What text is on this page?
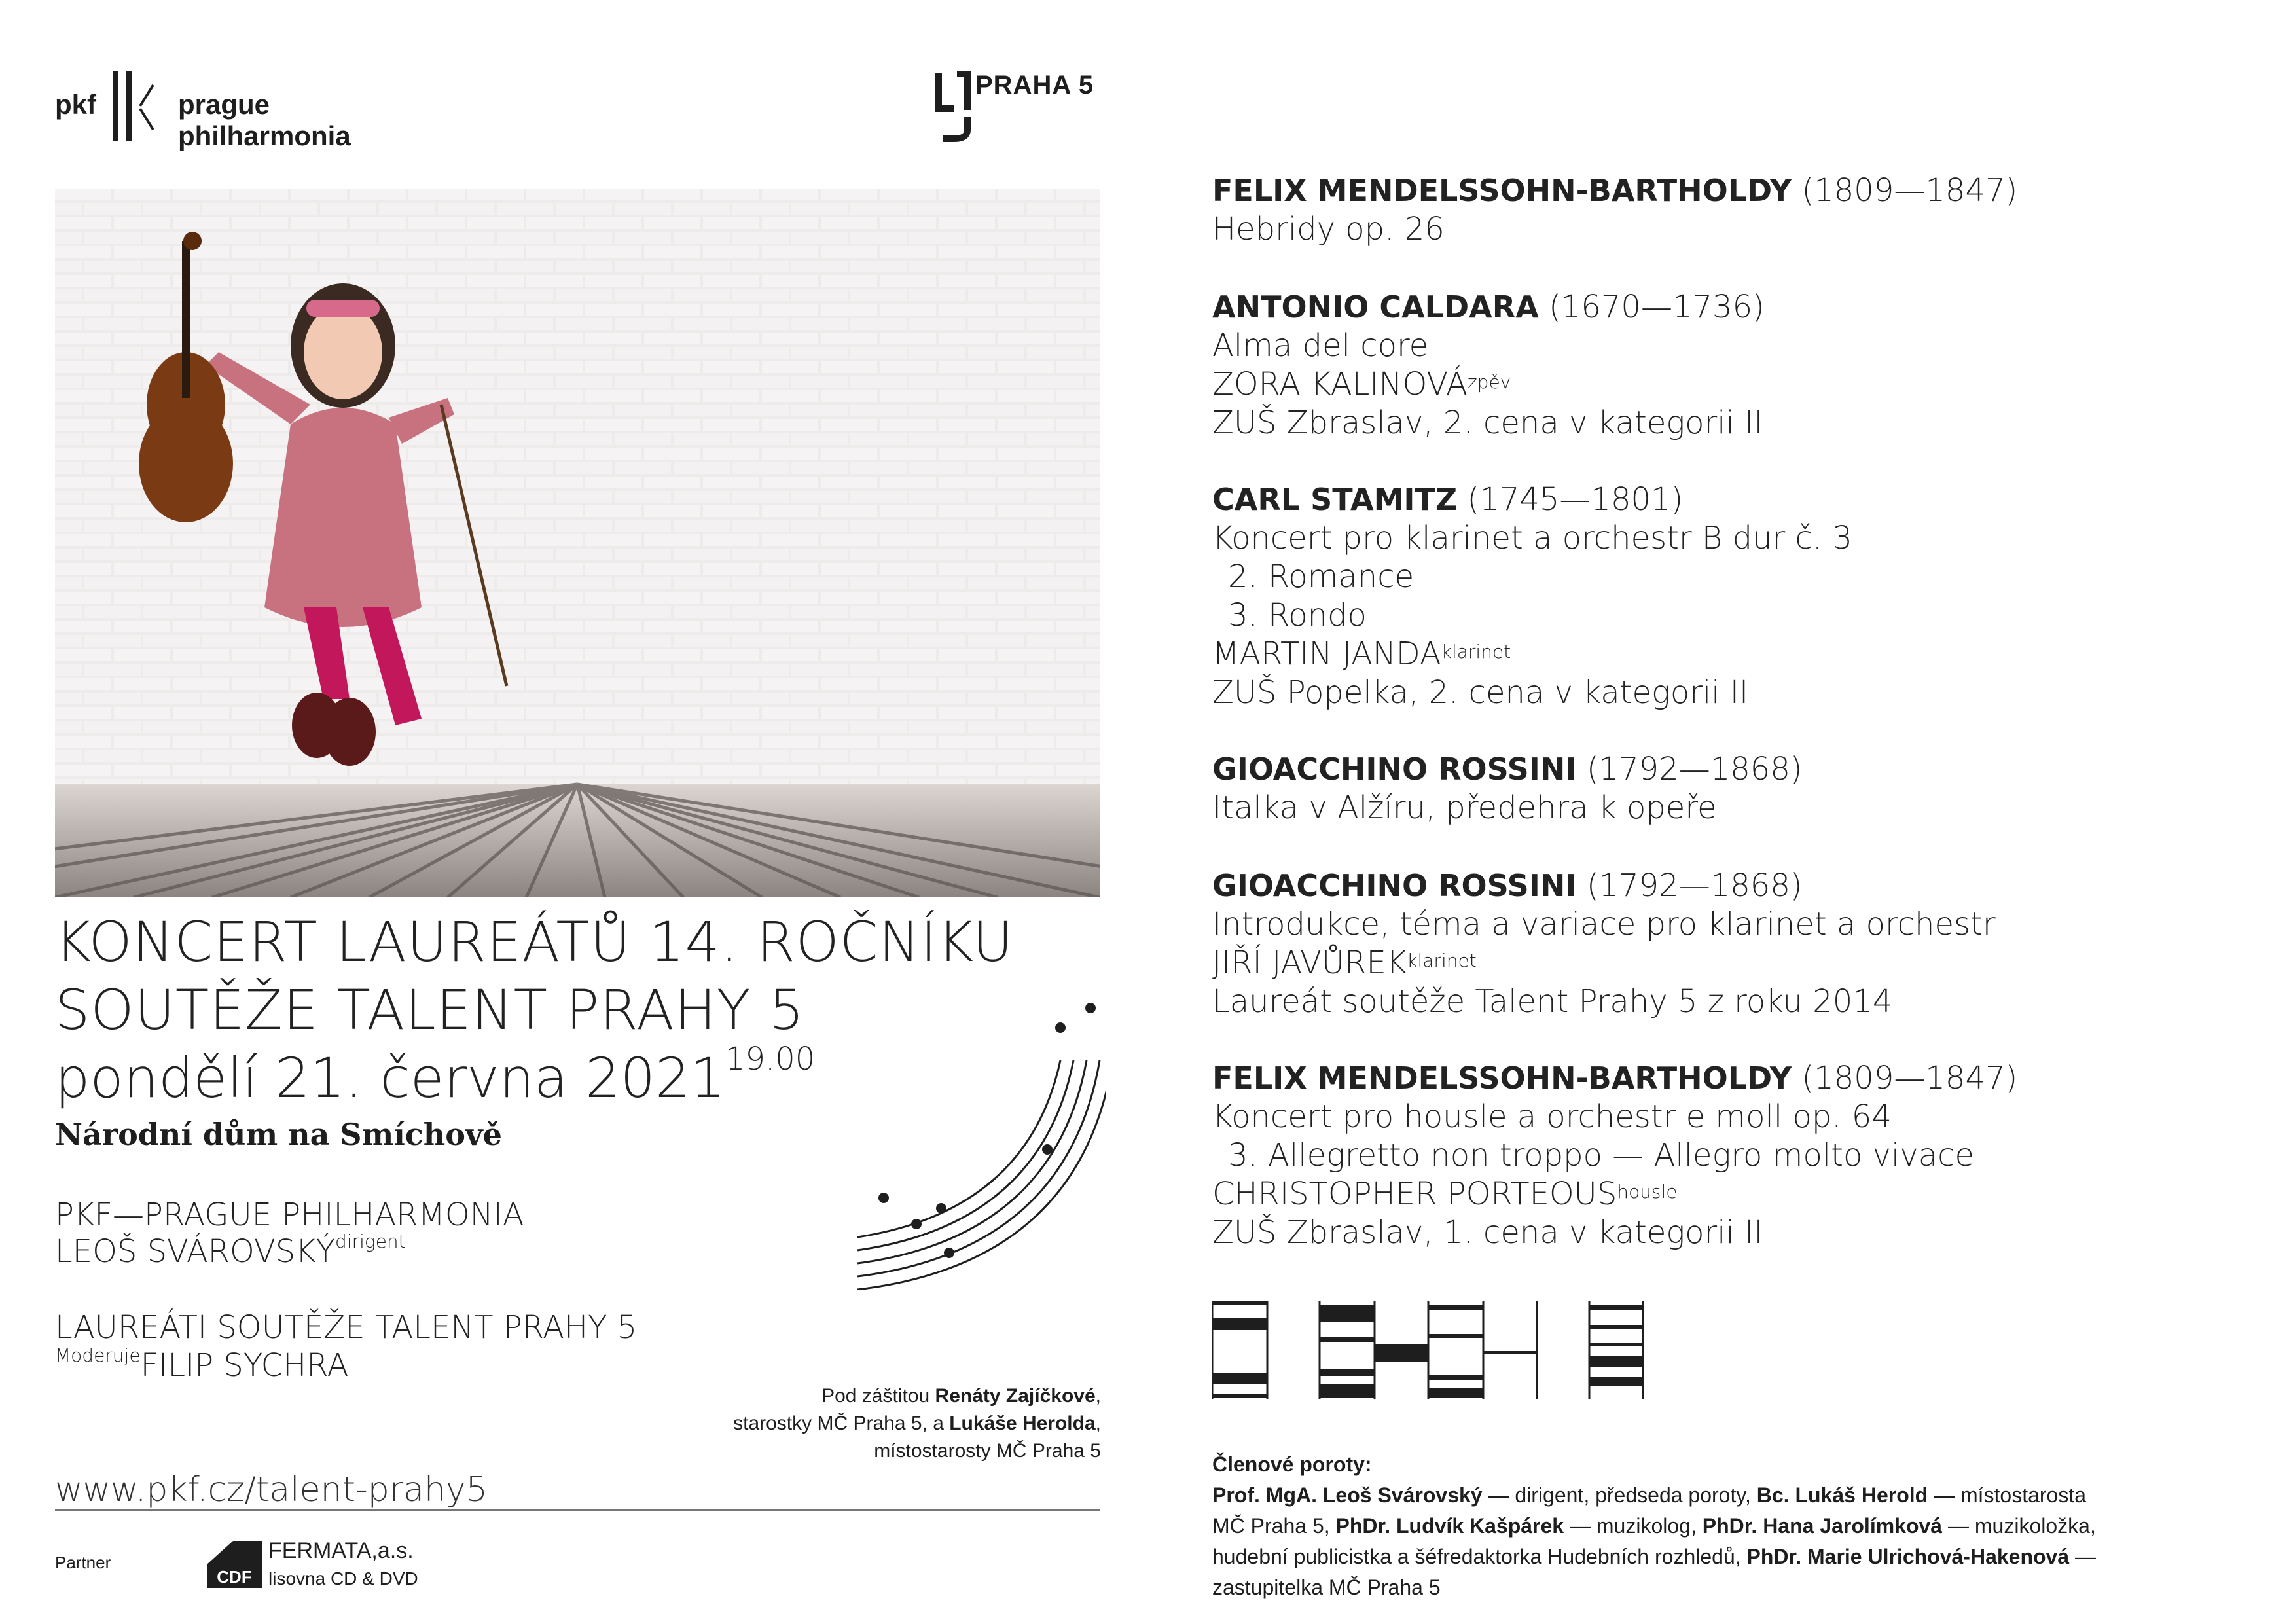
pkf	prague philharmonia
PRAHA 5
KONCERT LAUREÁTŮ 14. ROČNÍKU
SOUTĚŽE TALENT PRAHY 5
pondělí 21. června $2021^{19.00}$
Národní dům na Smíchově
PKF—PRAGUE PHILHARMONIA
LEOŠ $SVÁROVSKÝ^{dirigent}$
LAUREÁTI SOUTĚŽE TALENT PRAHY 5
$^{Moderuje}$FILIP SYCHRA
Pod záštitou Renáty Zajíčkové,
starostky MČ Praha 5, a Lukáše Herolda,
místostarosty MČ Praha 5
www.pkf.cz/talent-prahy5
Partner
CDF
FERMATA,a.s.
lisovna CD & DVD
FELIX MENDELSSOHN-BARTHOLDY (1809—1847)
Hebridy op. 26
ANTONIO CALDARA (1670—1736)
Alma del core
ZORA $KALINOVÁ^{zpěv}$
ZUŠ Zbraslav, 2. cena v kategorii II
CARL STAMITZ (1745—1801)
Koncert pro klarinet a orchestr B dur č. 3
2. Romance
3. Rondo
MARTIN $JANDA^{klarinet}$
ZUŠ Popelka, 2. cena v kategorii II
GIOACCHINO ROSSINI (1792—1868)
Italka v Alžíru, předehra k opeře
GIOACCHINO ROSSINI (1792—1868)
Introdukce, téma a variace pro klarinet a orchestr
JIŘÍ $JAVŮREK^{klarinet}$
Laureát soutěže Talent Prahy 5 z roku 2014
FELIX MENDELSSOHN-BARTHOLDY (1809—1847)
Koncert pro housle a orchestr e moll op. 64
3. Allegretto non troppo — Allegro molto vivace
CHRISTOPHER $PORTEOUS^{housle}$
ZUŠ Zbraslav, 1. cena v kategorii II
Členové poroty:
Prof. MgA. Leoš Svárovský — dirigent, předseda poroty, Bc. Lukáš Herold — místostarosta
MČ Praha 5, PhDr. Ludvík Kašpárek — muzikolog, PhDr. Hana Jarolímková — muzikoložka,
hudební publicistka a šéfredaktorka Hudebních rozhledů, PhDr. Marie Ulrichová-Hakenová —
zastupitelka MČ Praha 5
